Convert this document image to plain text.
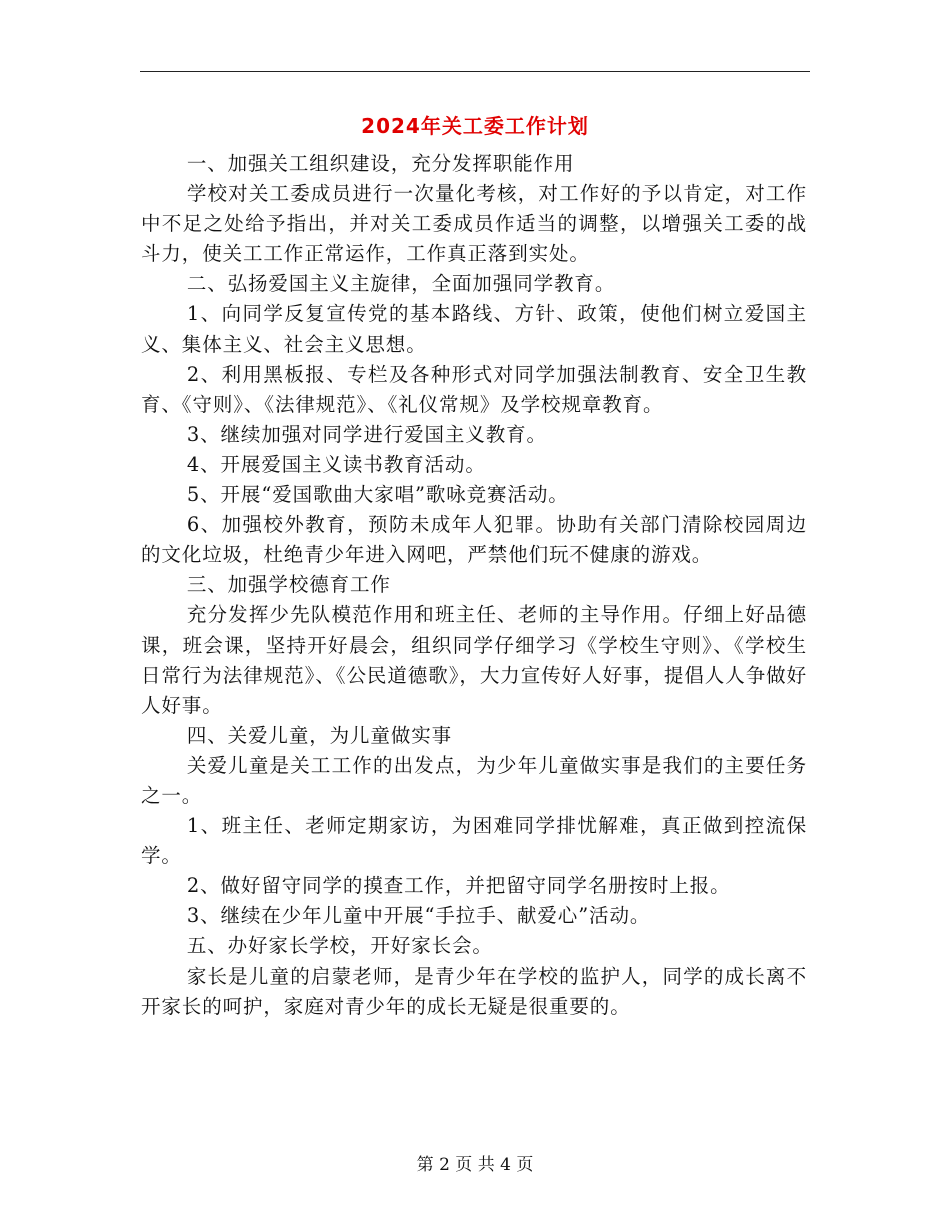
2024年关工委工作计划

一、加强关工组织建设，充分发挥职能作用

学校对关工委成员进行一次量化考核，对工作好的予以肯定，对工作中不足之处给予指出，并对关工委成员作适当的调整，以增强关工委的战斗力，使关工工作正常运作，工作真正落到实处。

二、弘扬爱国主义主旋律，全面加强同学教育。

1、向同学反复宣传党的基本路线、方针、政策，使他们树立爱国主义、集体主义、社会主义思想。

2、利用黑板报、专栏及各种形式对同学加强法制教育、安全卫生教育、《守则》、《法律规范》、《礼仪常规》及学校规章教育。

3、继续加强对同学进行爱国主义教育。

4、开展爱国主义读书教育活动。

5、开展“爱国歌曲大家唱”歌咏竞赛活动。

6、加强校外教育，预防未成年人犯罪。协助有关部门清除校园周边的文化垃圾，杜绝青少年进入网吧，严禁他们玩不健康的游戏。

三、加强学校德育工作

充分发挥少先队模范作用和班主任、老师的主导作用。仔细上好品德课，班会课，坚持开好晨会，组织同学仔细学习《学校生守则》、《学校生日常行为法律规范》、《公民道德歌》，大力宣传好人好事，提倡人人争做好人好事。

四、关爱儿童，为儿童做实事

关爱儿童是关工工作的出发点，为少年儿童做实事是我们的主要任务之一。

1、班主任、老师定期家访，为困难同学排忧解难，真正做到控流保学。

2、做好留守同学的摸查工作，并把留守同学名册按时上报。

3、继续在少年儿童中开展“手拉手、献爱心”活动。

五、办好家长学校，开好家长会。

家长是儿童的启蒙老师，是青少年在学校的监护人，同学的成长离不开家长的呵护，家庭对青少年的成长无疑是很重要的。

第 2 页 共 4 页
